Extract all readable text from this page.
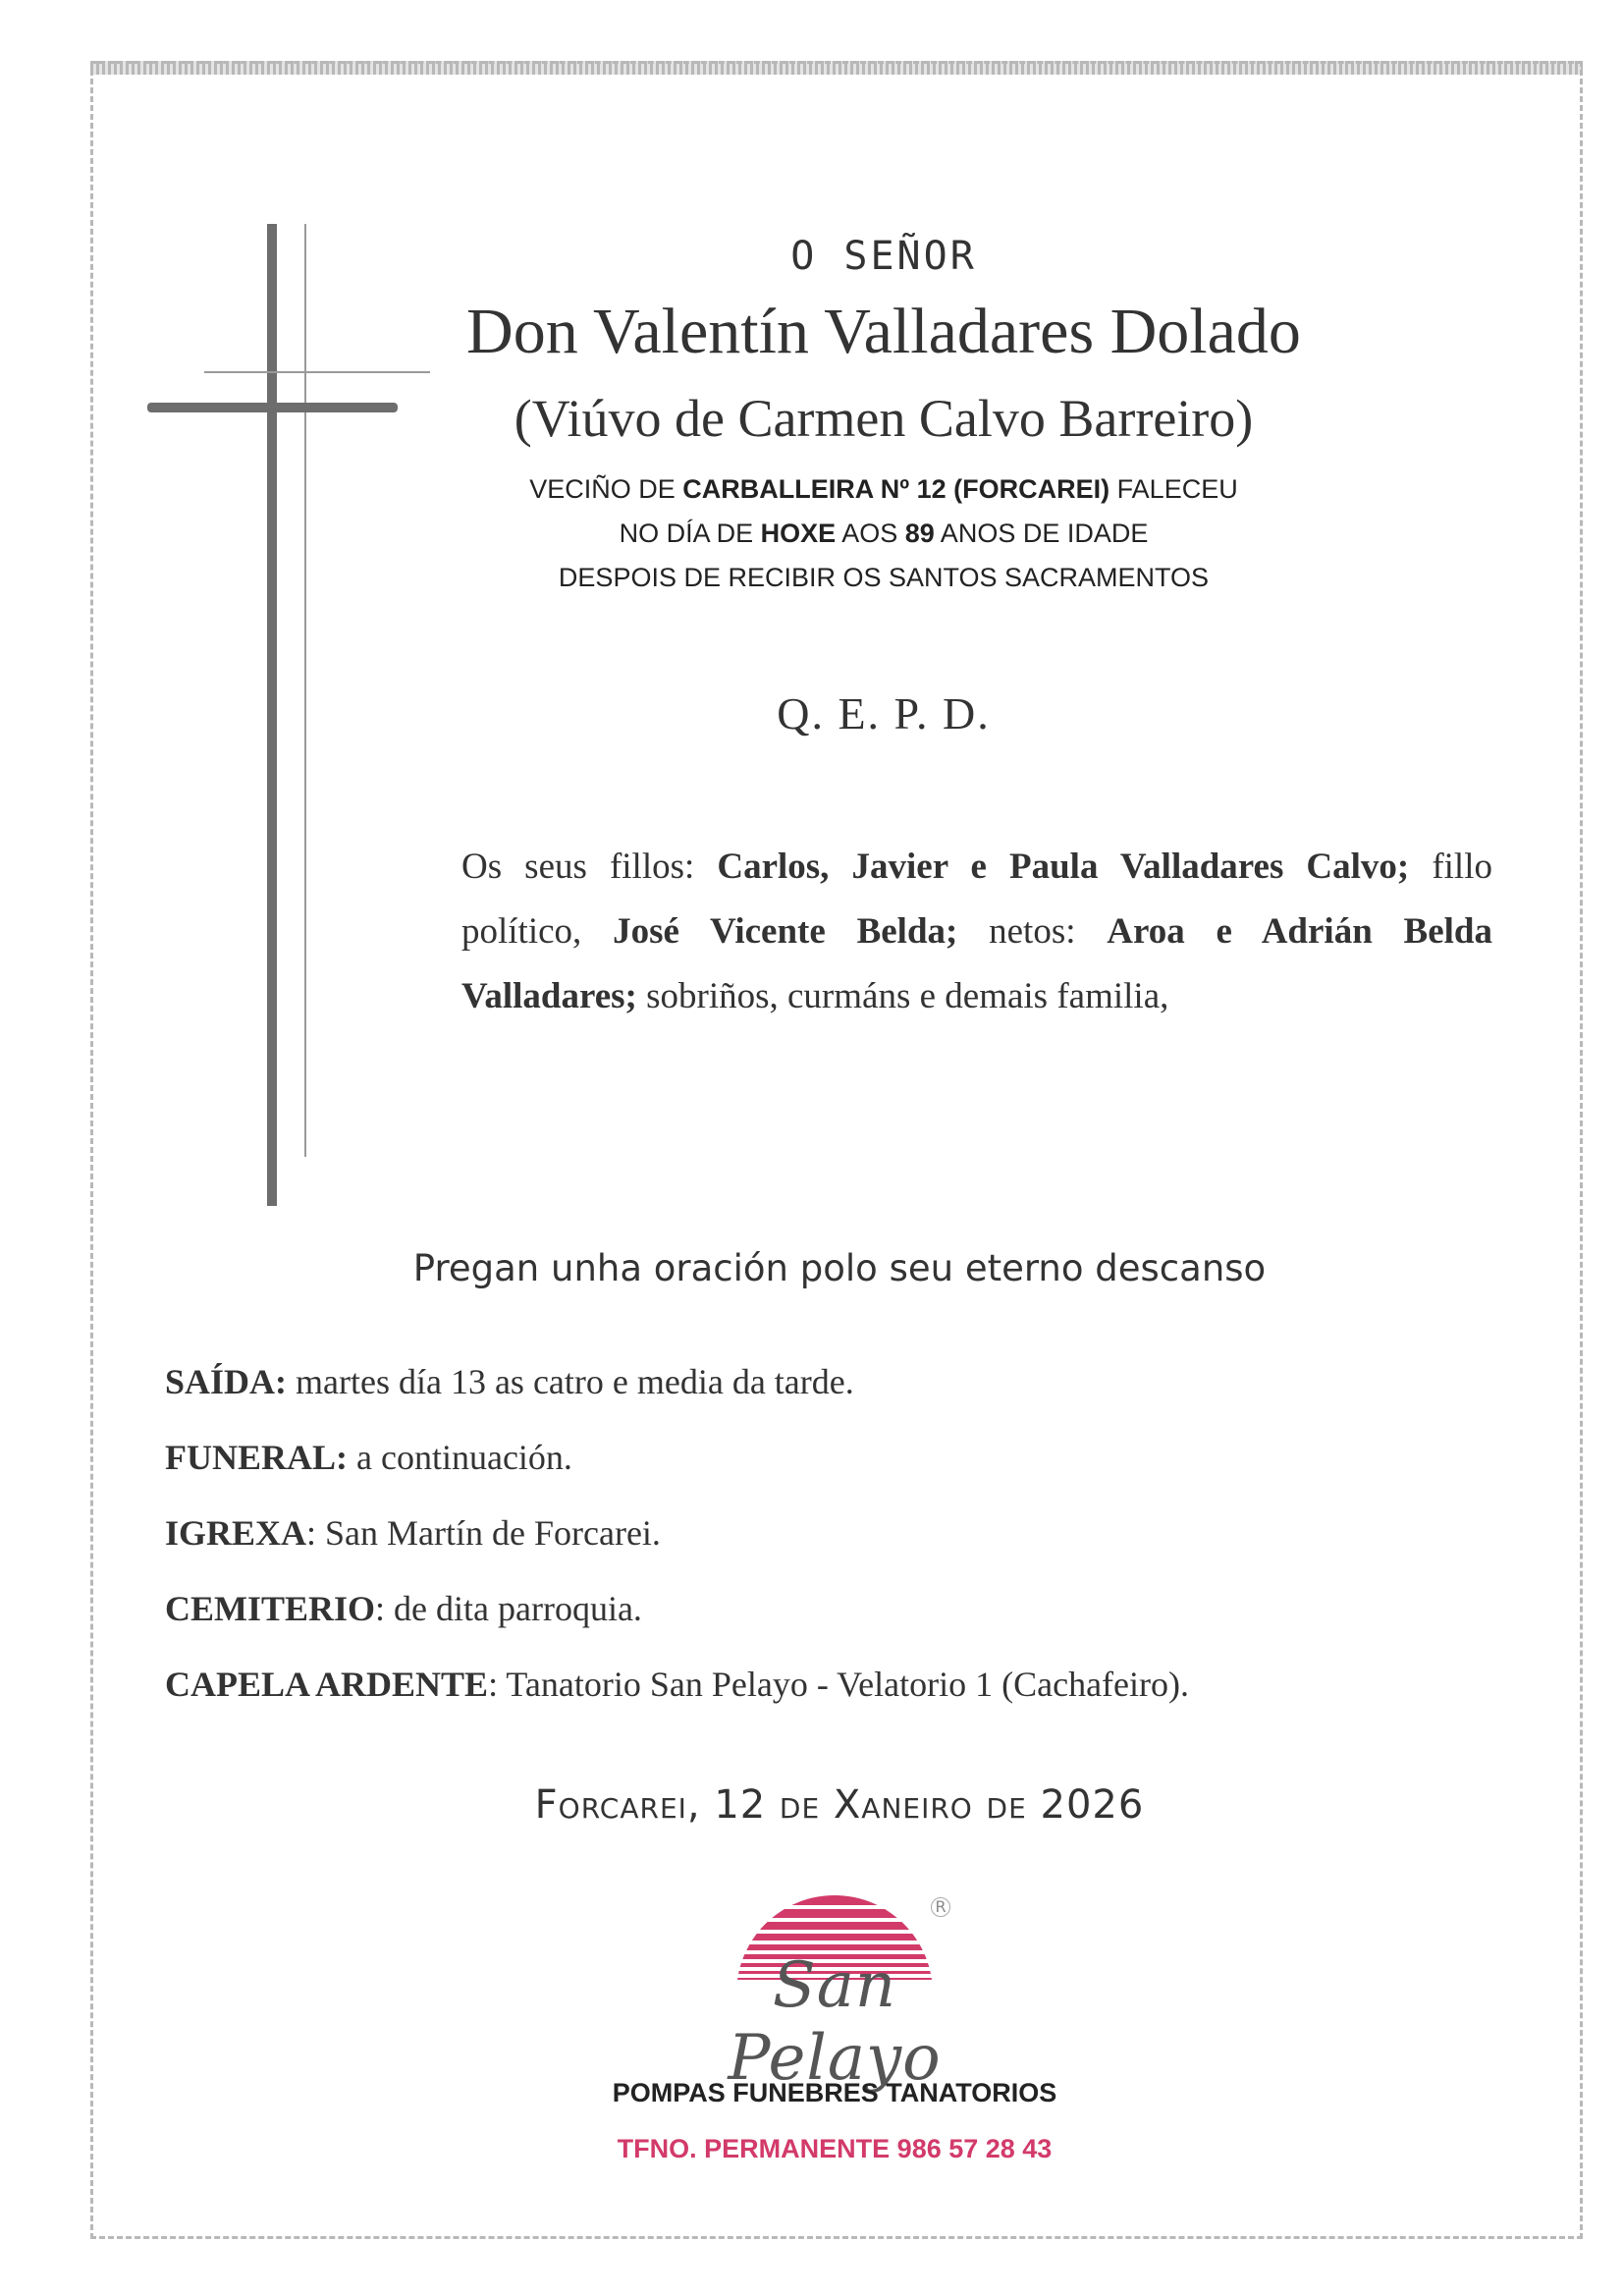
O SEÑOR
Don Valentín Valladares Dolado
(Viúvo de Carmen Calvo Barreiro)
VECIÑO DE CARBALLEIRA Nº 12 (FORCAREI) FALECEU
NO DÍA DE HOXE AOS 89 ANOS DE IDADE
DESPOIS DE RECIBIR OS SANTOS SACRAMENTOS
Q. E. P. D.
Os seus fillos: Carlos, Javier e Paula Valladares Calvo; fillo político, José Vicente Belda; netos: Aroa e Adrián Belda Valladares; sobriños, curmáns e demais familia,
Pregan unha oración polo seu eterno descanso
SAÍDA: martes día 13 as catro e media da tarde.
FUNERAL: a continuación.
IGREXA: San Martín de Forcarei.
CEMITERIO: de dita parroquia.
CAPELA ARDENTE: Tanatorio San Pelayo - Velatorio 1 (Cachafeiro).
Forcarei, 12 de Xaneiro de 2026
R
San Pelayo
POMPAS FUNEBRES TANATORIOS
TFNO. PERMANENTE 986 57 28 43
